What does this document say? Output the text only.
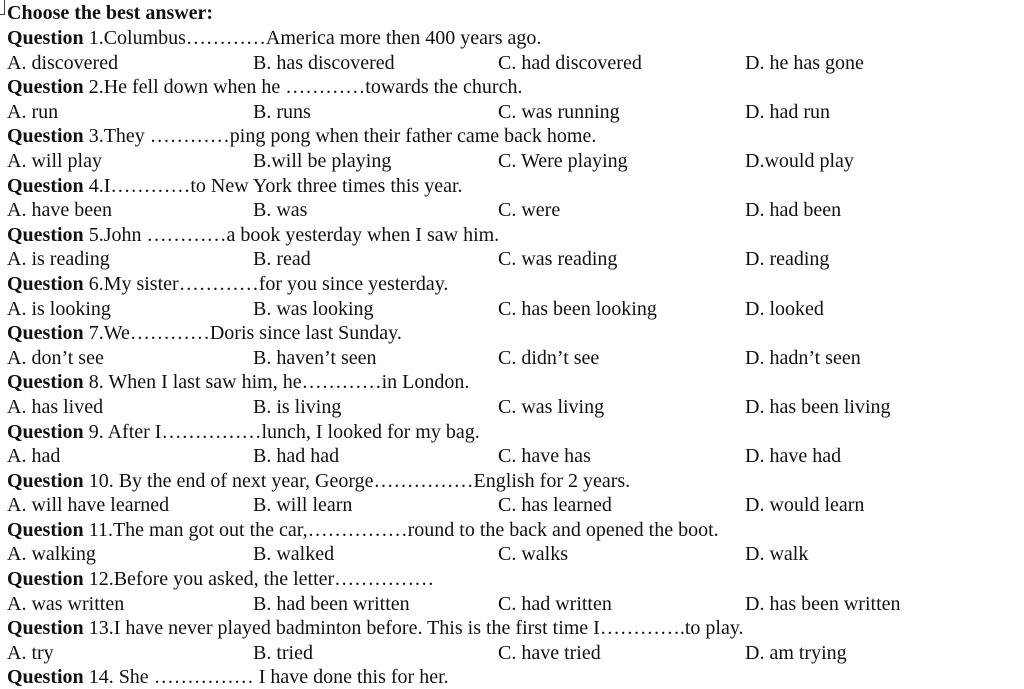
Choose the best answer:
Question 1.Columbus…………America more then 400 years ago.
A. discovered	B. has discovered	C. had discovered	D. he has gone
Question 2.He fell down when he …………towards the church.
A. run	B. runs	C. was running	D. had run
Question 3.They …………ping pong when their father came back home.
A. will play	B.will be playing	C. Were playing	D.would play
Question 4.I…………to New York three times this year.
A. have been	B. was	C. were	D. had been
Question 5.John …………a book yesterday when I saw him.
A. is reading	B. read	C. was reading	D. reading
Question 6.My sister…………for you since yesterday.
A. is looking	B. was looking	C. has been looking	D. looked
Question 7.We…………Doris since last Sunday.
A. don’t see	B. haven’t seen	C. didn’t see	D. hadn’t seen
Question 8. When I last saw him, he…………in London.
A. has lived	B. is living	C. was living	D. has been living
Question 9. After I……………lunch, I looked for my bag.
A. had	B. had had	C. have has	D. have had
Question 10. By the end of next year, George……………English for 2 years.
A. will have learned	B. will learn	C. has learned	D. would learn
Question 11.The man got out the car,……………round to the back and opened the boot.
A. walking	B. walked	C. walks	D. walk
Question 12.Before you asked, the letter……………
A. was written	B. had been written	C. had written	D. has been written
Question 13.I have never played badminton before. This is the first time I………….to play.
A. try	B. tried	C. have tried	D. am trying
Question 14. She …………… I have done this for her.
